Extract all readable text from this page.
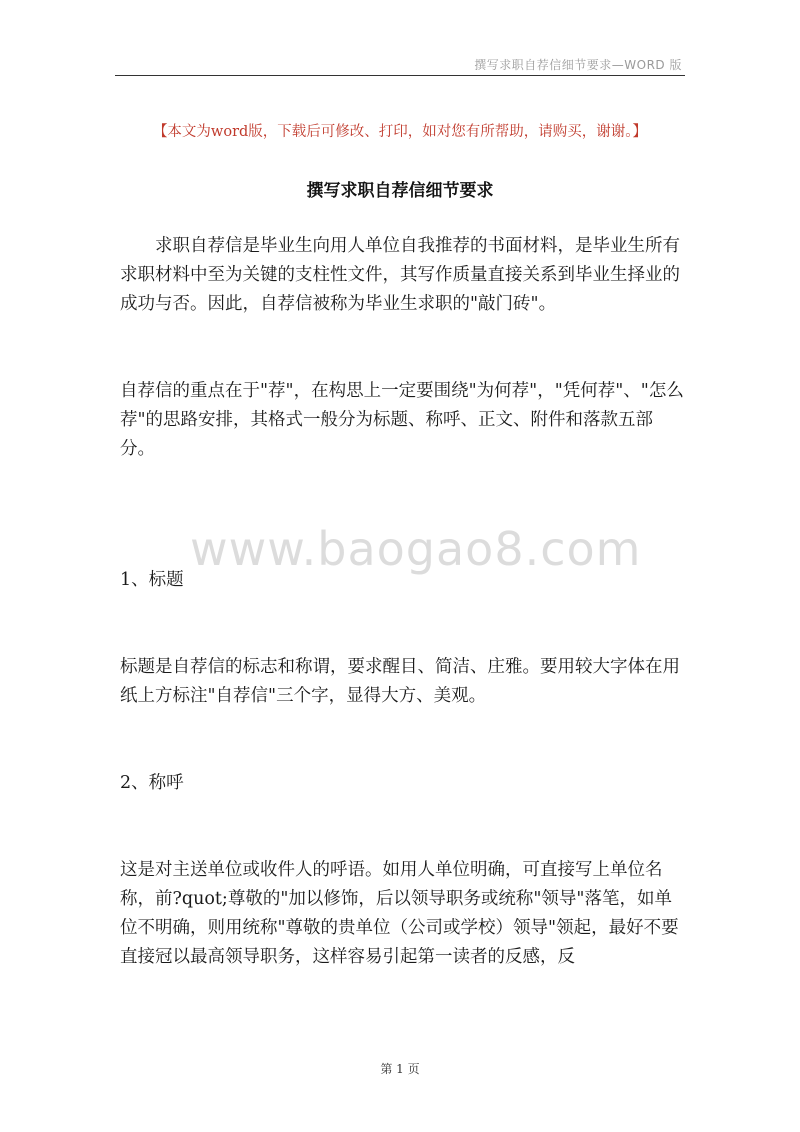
撰写求职自荐信细节要求—WORD 版
【本文为word版，下载后可修改、打印，如对您有所帮助，请购买，谢谢。】
撰写求职自荐信细节要求

求职自荐信是毕业生向用人单位自我推荐的书面材料，是毕业生所有求职材料中至为关键的支柱性文件，其写作质量直接关系到毕业生择业的成功与否。因此，自荐信被称为毕业生求职的"敲门砖"。

自荐信的重点在于"荐"，在构思上一定要围绕"为何荐"，"凭何荐"、"怎么荐"的思路安排，其格式一般分为标题、称呼、正文、附件和落款五部分。

1、标题

标题是自荐信的标志和称谓，要求醒目、简洁、庄雅。要用较大字体在用纸上方标注"自荐信"三个字，显得大方、美观。

2、称呼

这是对主送单位或收件人的呼语。如用人单位明确，可直接写上单位名称，前?quot;尊敬的"加以修饰，后以领导职务或统称"领导"落笔，如单位不明确，则用统称"尊敬的贵单位（公司或学校）领导"领起，最好不要直接冠以最高领导职务，这样容易引起第一读者的反感，反

www.baogao8.com
第 1 页
